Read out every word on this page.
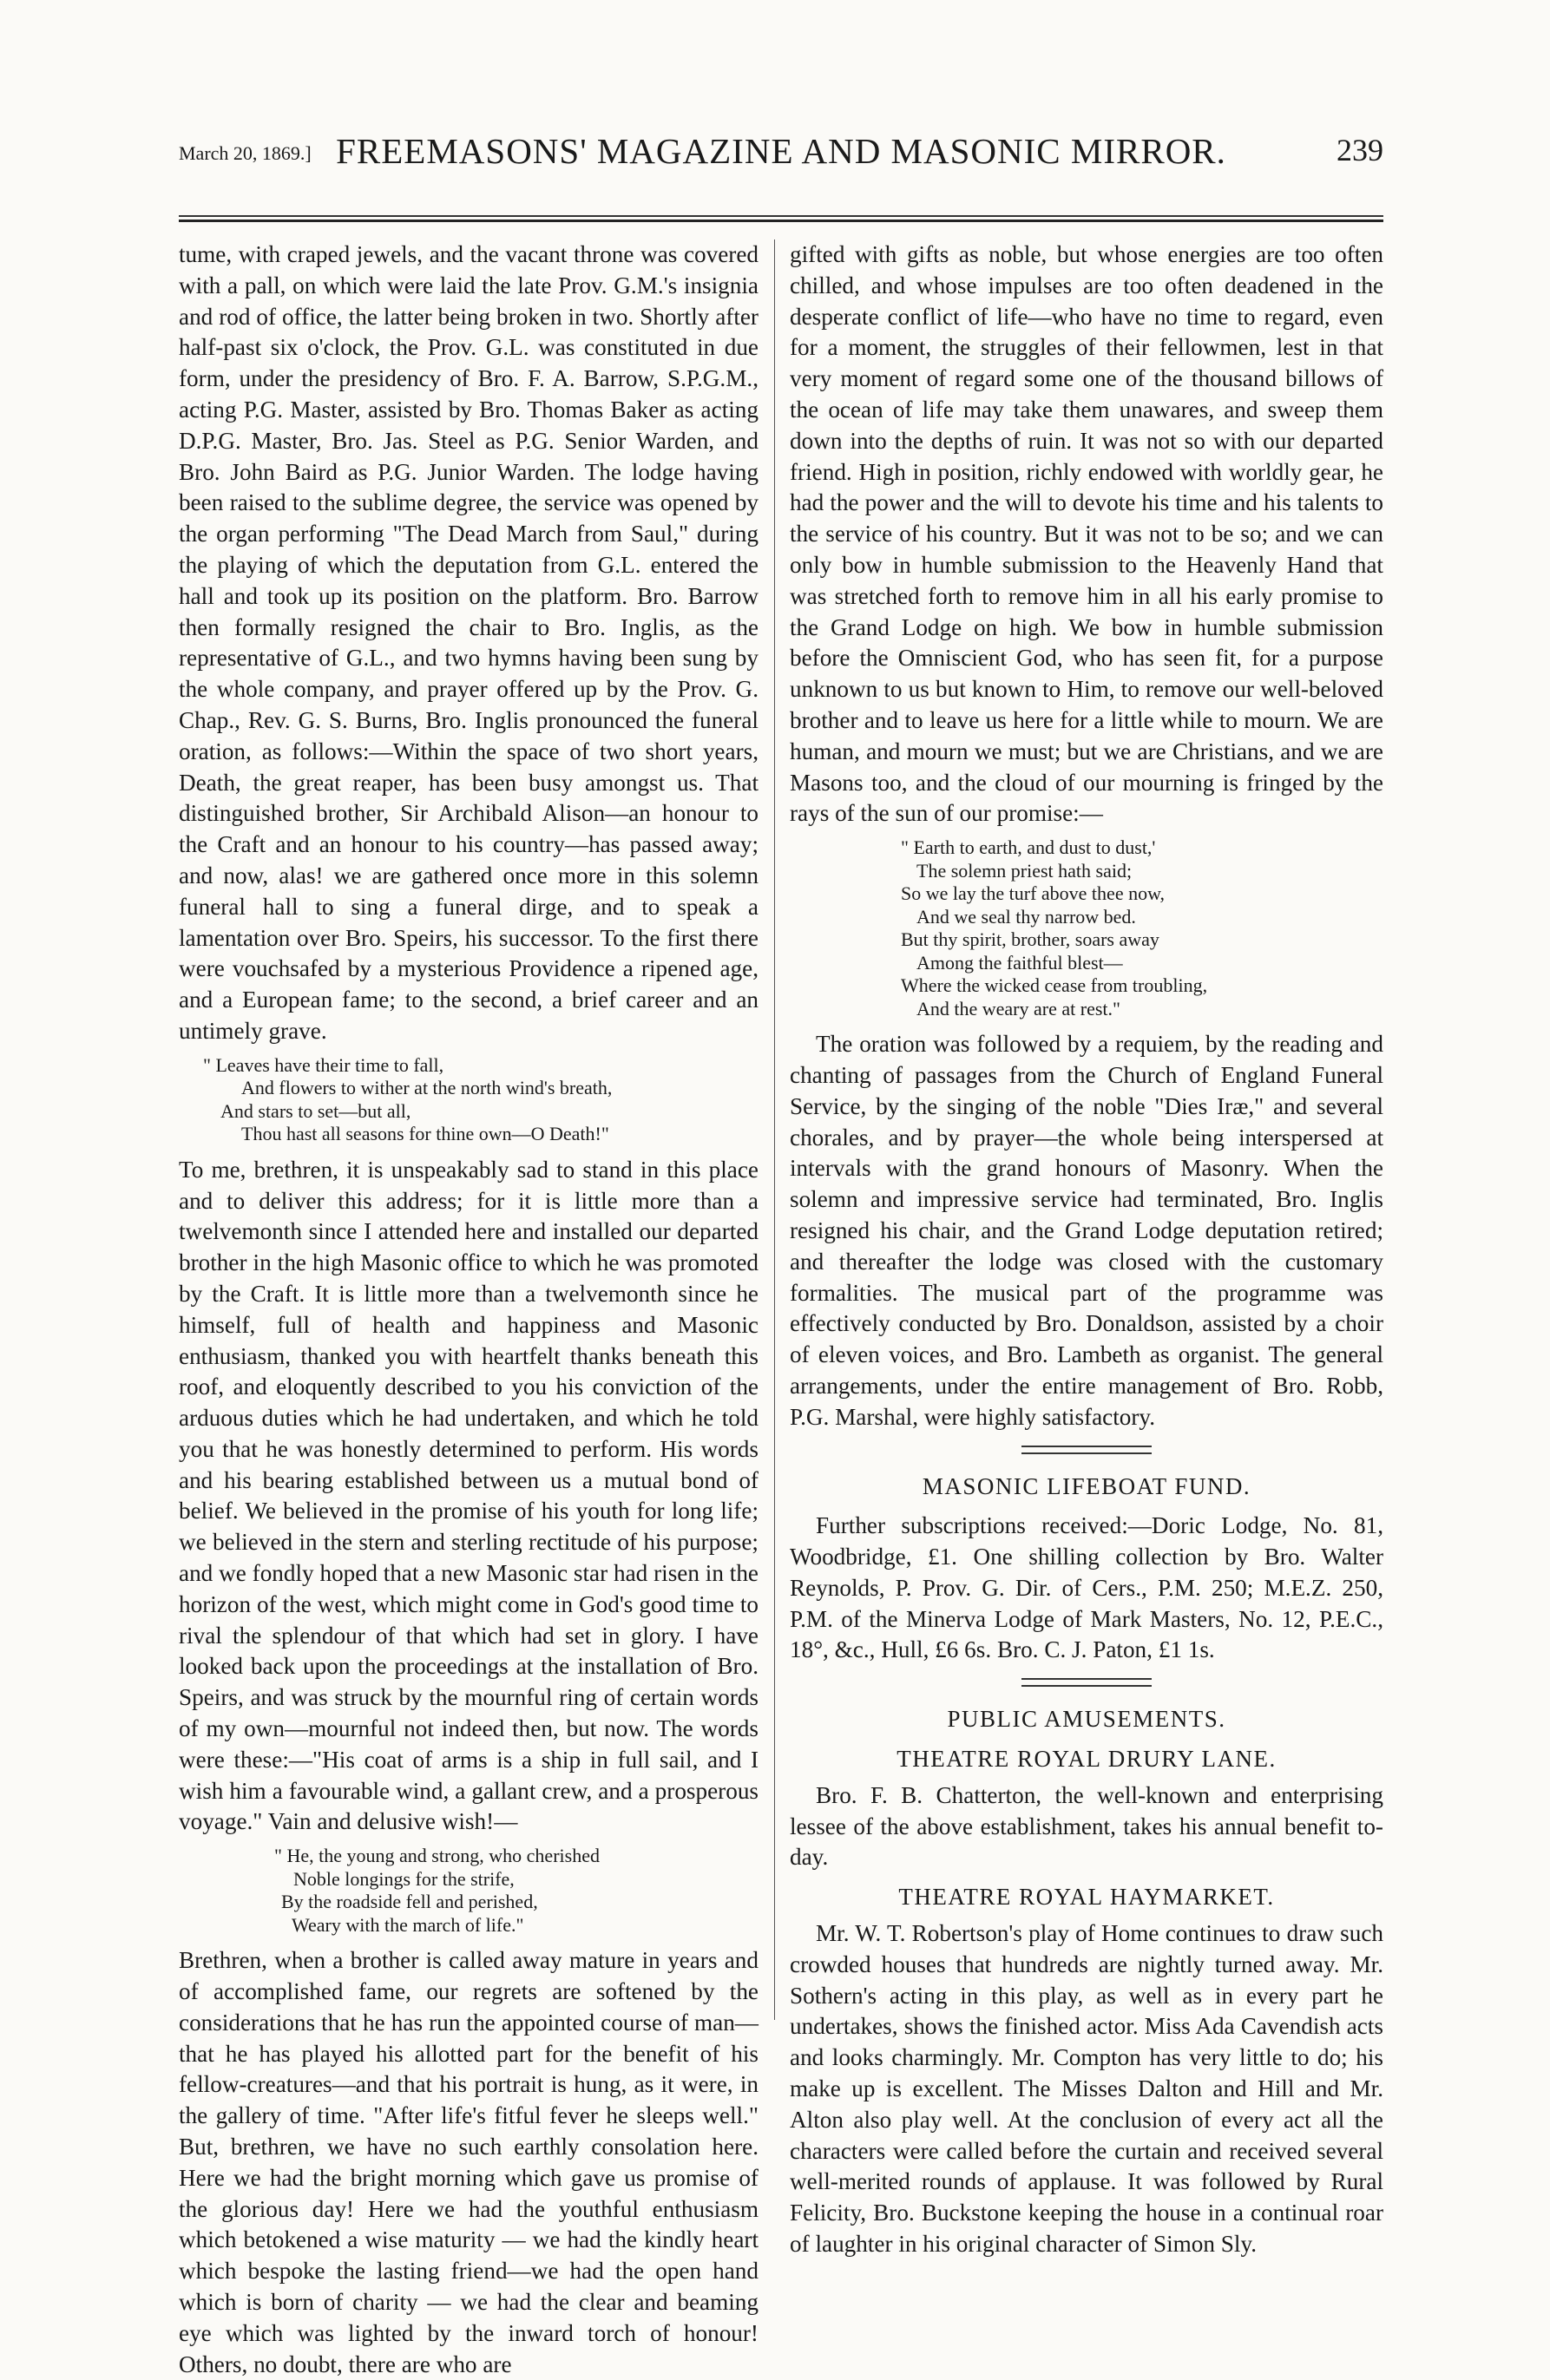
March 20, 1869.] FREEMASONS' MAGAZINE AND MASONIC MIRROR.	239

tume, with craped jewels, and the vacant throne was covered with a pall, on which were laid the late Prov. G.M.'s insignia and rod of office, the latter being broken in two. Shortly after half-past six o'clock, the Prov. G.L. was constituted in due form, under the presidency of Bro. F. A. Barrow, S.P.G.M., acting P.G. Master, assisted by Bro. Thomas Baker as acting D.P.G. Master, Bro. Jas. Steel as P.G. Senior Warden, and Bro. John Baird as P.G. Junior Warden. The lodge having been raised to the sublime degree, the service was opened by the organ performing "The Dead March from Saul," during the playing of which the deputation from G.L. entered the hall and took up its position on the platform. Bro. Barrow then formally resigned the chair to Bro. Inglis, as the representative of G.L., and two hymns having been sung by the whole company, and prayer offered up by the Prov. G. Chap., Rev. G. S. Burns, Bro. Inglis pronounced the funeral oration, as follows:—Within the space of two short years, Death, the great reaper, has been busy amongst us. That distinguished brother, Sir Archibald Alison—an honour to the Craft and an honour to his country—has passed away; and now, alas! we are gathered once more in this solemn funeral hall to sing a funeral dirge, and to speak a lamentation over Bro. Speirs, his successor. To the first there were vouchsafed by a mysterious Providence a ripened age, and a European fame; to the second, a brief career and an untimely grave.

" Leaves have their time to fall,
And flowers to wither at the north wind's breath,
And stars to set—but all,
Thou hast all seasons for thine own—O Death!"

To me, brethren, it is unspeakably sad to stand in this place and to deliver this address; for it is little more than a twelvemonth since I attended here and installed our departed brother in the high Masonic office to which he was promoted by the Craft. It is little more than a twelvemonth since he himself, full of health and happiness and Masonic enthusiasm, thanked you with heartfelt thanks beneath this roof, and eloquently described to you his conviction of the arduous duties which he had undertaken, and which he told you that he was honestly determined to perform. His words and his bearing established between us a mutual bond of belief. We believed in the promise of his youth for long life; we believed in the stern and sterling rectitude of his purpose; and we fondly hoped that a new Masonic star had risen in the horizon of the west, which might come in God's good time to rival the splendour of that which had set in glory. I have looked back upon the proceedings at the installation of Bro. Speirs, and was struck by the mournful ring of certain words of my own—mournful not indeed then, but now. The words were these:—"His coat of arms is a ship in full sail, and I wish him a favourable wind, a gallant crew, and a prosperous voyage." Vain and delusive wish!—

" He, the young and strong, who cherished
Noble longings for the strife,
By the roadside fell and perished,
Weary with the march of life."

Brethren, when a brother is called away mature in years and of accomplished fame, our regrets are softened by the considerations that he has run the appointed course of man—that he has played his allotted part for the benefit of his fellow-creatures—and that his portrait is hung, as it were, in the gallery of time. "After life's fitful fever he sleeps well." But, brethren, we have no such earthly consolation here. Here we had the bright morning which gave us promise of the glorious day! Here we had the youthful enthusiasm which betokened a wise maturity — we had the kindly heart which bespoke the lasting friend—we had the open hand which is born of charity — we had the clear and beaming eye which was lighted by the inward torch of honour! Others, no doubt, there are who are

gifted with gifts as noble, but whose energies are too often chilled, and whose impulses are too often deadened in the desperate conflict of life—who have no time to regard, even for a moment, the struggles of their fellowmen, lest in that very moment of regard some one of the thousand billows of the ocean of life may take them unawares, and sweep them down into the depths of ruin. It was not so with our departed friend. High in position, richly endowed with worldly gear, he had the power and the will to devote his time and his talents to the service of his country. But it was not to be so; and we can only bow in humble submission to the Heavenly Hand that was stretched forth to remove him in all his early promise to the Grand Lodge on high. We bow in humble submission before the Omniscient God, who has seen fit, for a purpose unknown to us but known to Him, to remove our well-beloved brother and to leave us here for a little while to mourn. We are human, and mourn we must; but we are Christians, and we are Masons too, and the cloud of our mourning is fringed by the rays of the sun of our promise:—

" Earth to earth, and dust to dust,'
The solemn priest hath said;
So we lay the turf above thee now,
And we seal thy narrow bed.
But thy spirit, brother, soars away
Among the faithful blest—
Where the wicked cease from troubling,
And the weary are at rest."

The oration was followed by a requiem, by the reading and chanting of passages from the Church of England Funeral Service, by the singing of the noble "Dies Iræ," and several chorales, and by prayer—the whole being interspersed at intervals with the grand honours of Masonry. When the solemn and impressive service had terminated, Bro. Inglis resigned his chair, and the Grand Lodge deputation retired; and thereafter the lodge was closed with the customary formalities. The musical part of the programme was effectively conducted by Bro. Donaldson, assisted by a choir of eleven voices, and Bro. Lambeth as organist. The general arrangements, under the entire management of Bro. Robb, P.G. Marshal, were highly satisfactory.

MASONIC LIFEBOAT FUND.

Further subscriptions received:—Doric Lodge, No. 81, Woodbridge, £1. One shilling collection by Bro. Walter Reynolds, P. Prov. G. Dir. of Cers., P.M. 250; M.E.Z. 250, P.M. of the Minerva Lodge of Mark Masters, No. 12, P.E.C., 18°, &c., Hull, £6 6s. Bro. C. J. Paton, £1 1s.

PUBLIC AMUSEMENTS.
THEATRE ROYAL DRURY LANE.

Bro. F. B. Chatterton, the well-known and enterprising lessee of the above establishment, takes his annual benefit to-day.

THEATRE ROYAL HAYMARKET.

Mr. W. T. Robertson's play of Home continues to draw such crowded houses that hundreds are nightly turned away. Mr. Sothern's acting in this play, as well as in every part he undertakes, shows the finished actor. Miss Ada Cavendish acts and looks charmingly. Mr. Compton has very little to do; his make up is excellent. The Misses Dalton and Hill and Mr. Alton also play well. At the conclusion of every act all the characters were called before the curtain and received several well-merited rounds of applause. It was followed by Rural Felicity, Bro. Buckstone keeping the house in a continual roar of laughter in his original character of Simon Sly.
